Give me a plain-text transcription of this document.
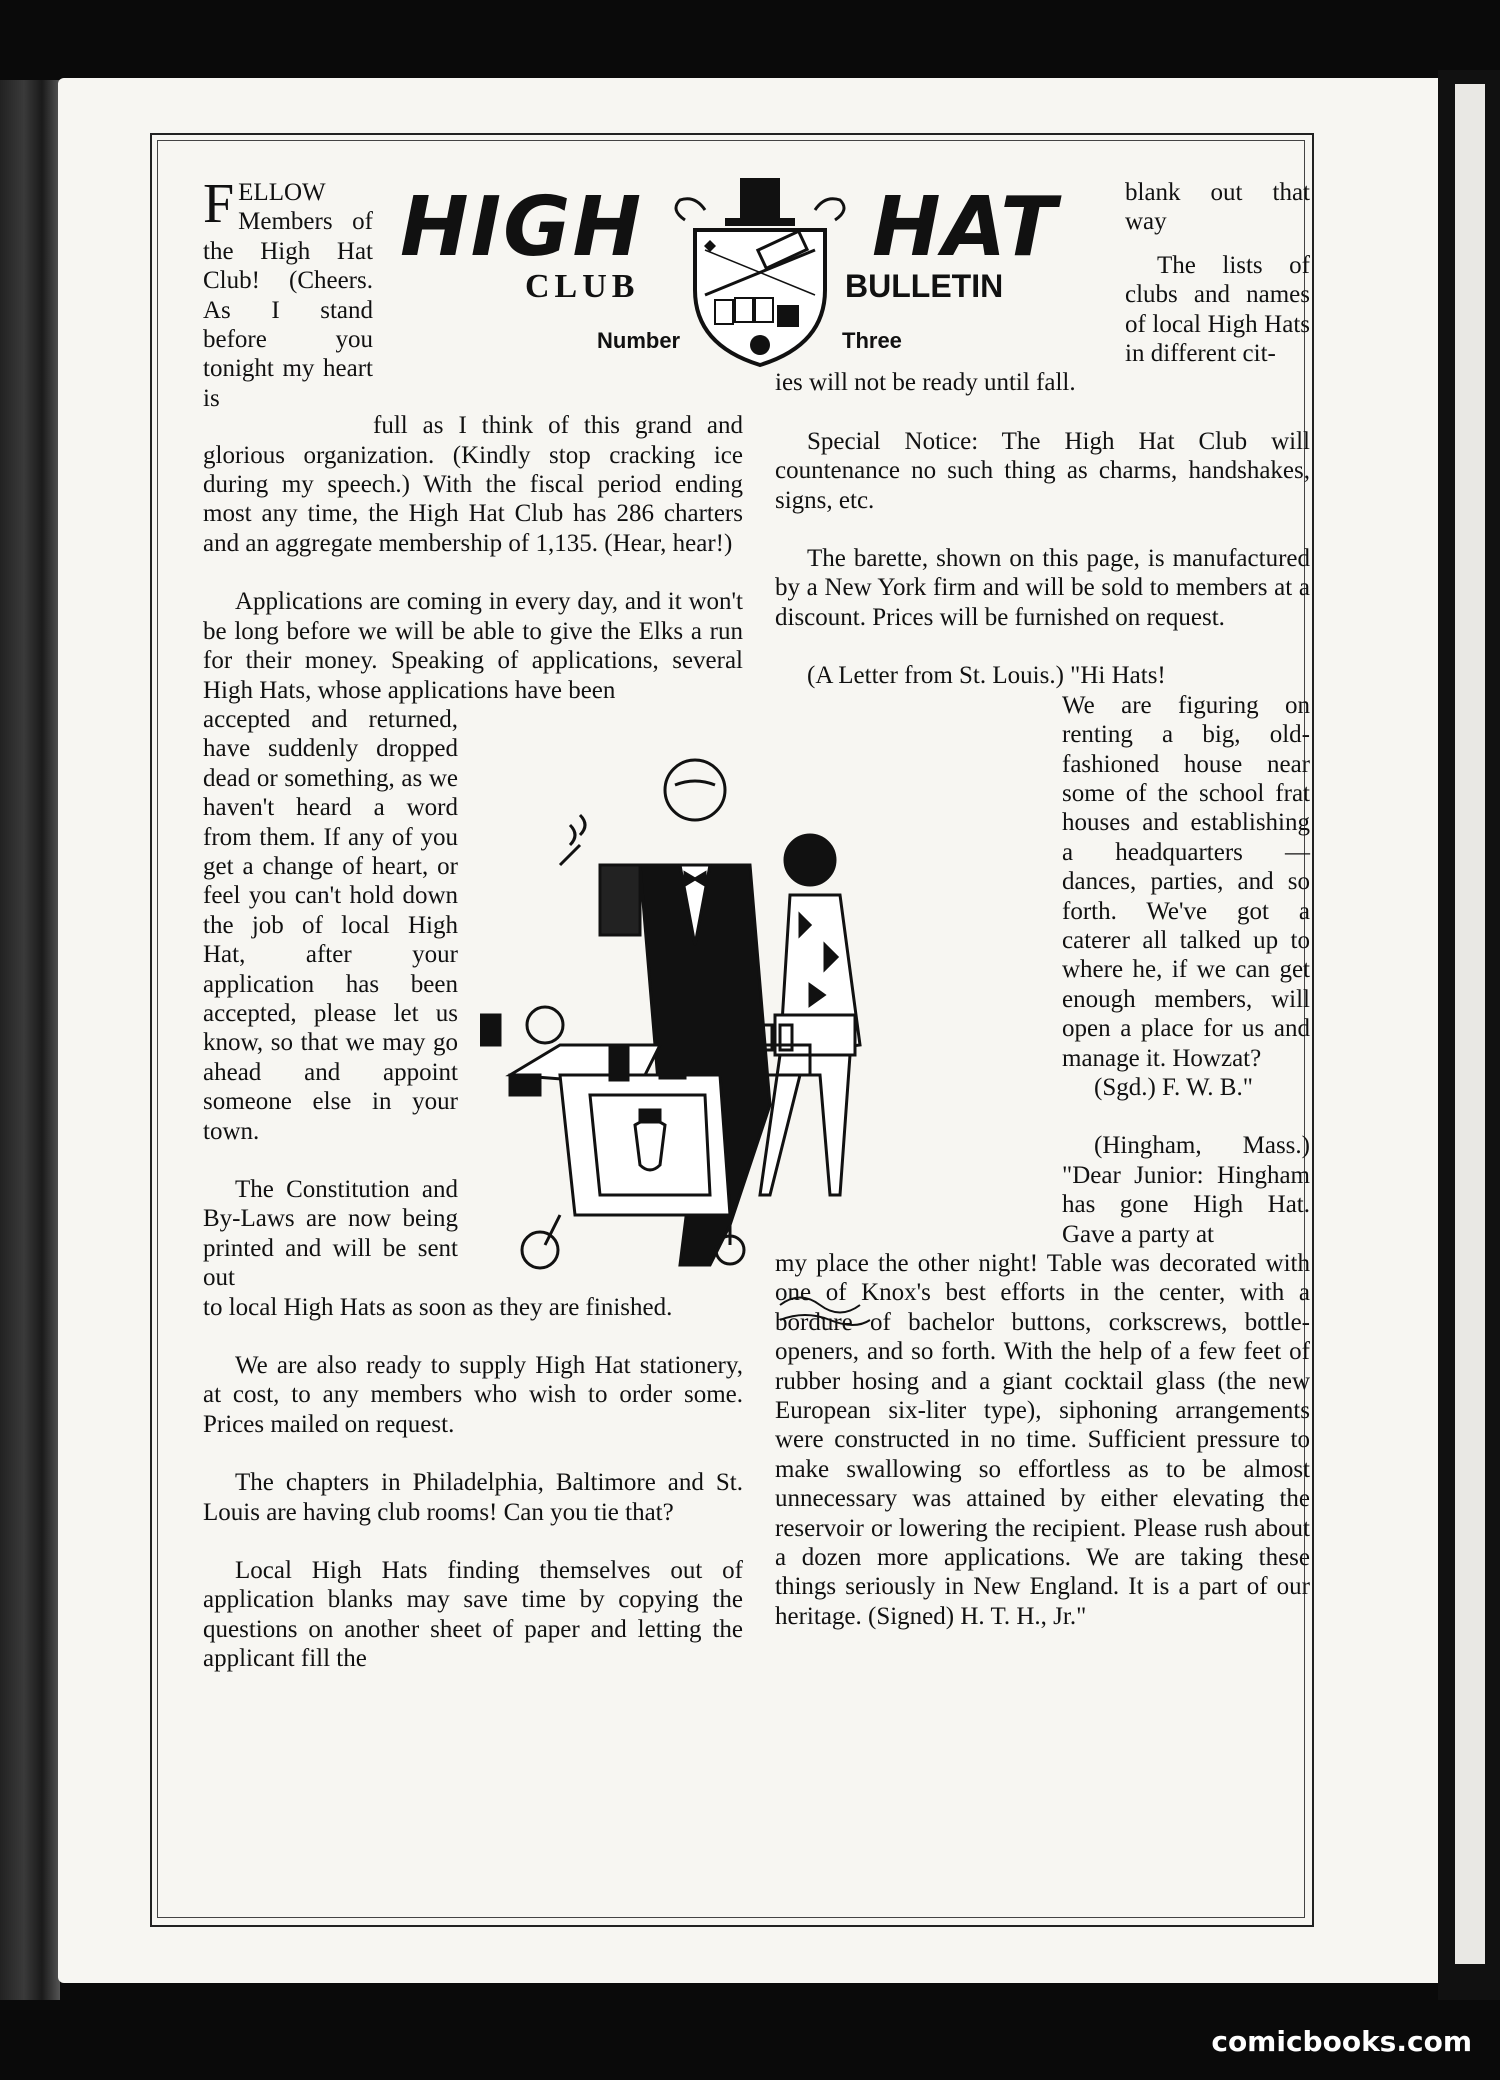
HIGH	HAT
CLUB	BULLETIN
Number	Three
FELLOW Members of the High Hat Club! (Cheers. As I stand before you tonight my heart is

full as I think of this grand and glorious organization. (Kindly stop cracking ice during my speech.) With the fiscal period ending most any time, the High Hat Club has 286 charters and an aggregate membership of 1,135. (Hear, hear!)

Applications are coming in every day, and it won't be long before we will be able to give the Elks a run for their money. Speaking of applications, several High Hats, whose applications have been

accepted and returned, have suddenly dropped dead or something, as we haven't heard a word from them. If any of you get a change of heart, or feel you can't hold down the job of local High Hat, after your application has been accepted, please let us know, so that we may go ahead and appoint someone else in your town.

The Constitution and By-Laws are now being printed and will be sent out

to local High Hats as soon as they are finished.

We are also ready to supply High Hat stationery, at cost, to any members who wish to order some. Prices mailed on request.

The chapters in Philadelphia, Baltimore and St. Louis are having club rooms! Can you tie that?

Local High Hats finding themselves out of application blanks may save time by copying the questions on another sheet of paper and letting the applicant fill the

blank out that way

The lists of clubs and names of local High Hats in different cit-

ies will not be ready until fall.

Special Notice: The High Hat Club will countenance no such thing as charms, handshakes, signs, etc.

The barette, shown on this page, is manufactured by a New York firm and will be sold to members at a discount. Prices will be furnished on request.

(A Letter from St. Louis.) "Hi Hats!

We are figuring on renting a big, old-fashioned house near some of the school frat houses and establishing a headquarters —dances, parties, and so forth. We've got a caterer all talked up to where he, if we can get enough members, will open a place for us and manage it. Howzat?

(Sgd.) F. W. B."

(Hingham, Mass.) "Dear Junior: Hingham has gone High Hat. Gave a party at

my place the other night! Table was decorated with one of Knox's best efforts in the center, with a bordure of bachelor buttons, corkscrews, bottle-openers, and so forth. With the help of a few feet of rubber hosing and a giant cocktail glass (the new European six-liter type), siphoning arrangements were constructed in no time. Sufficient pressure to make swallowing so effortless as to be almost unnecessary was attained by either elevating the reservoir or lowering the recipient. Please rush about a dozen more applications. We are taking these things seriously in New England. It is a part of our heritage. (Signed) H. T. H., Jr."

comicbooks.com
